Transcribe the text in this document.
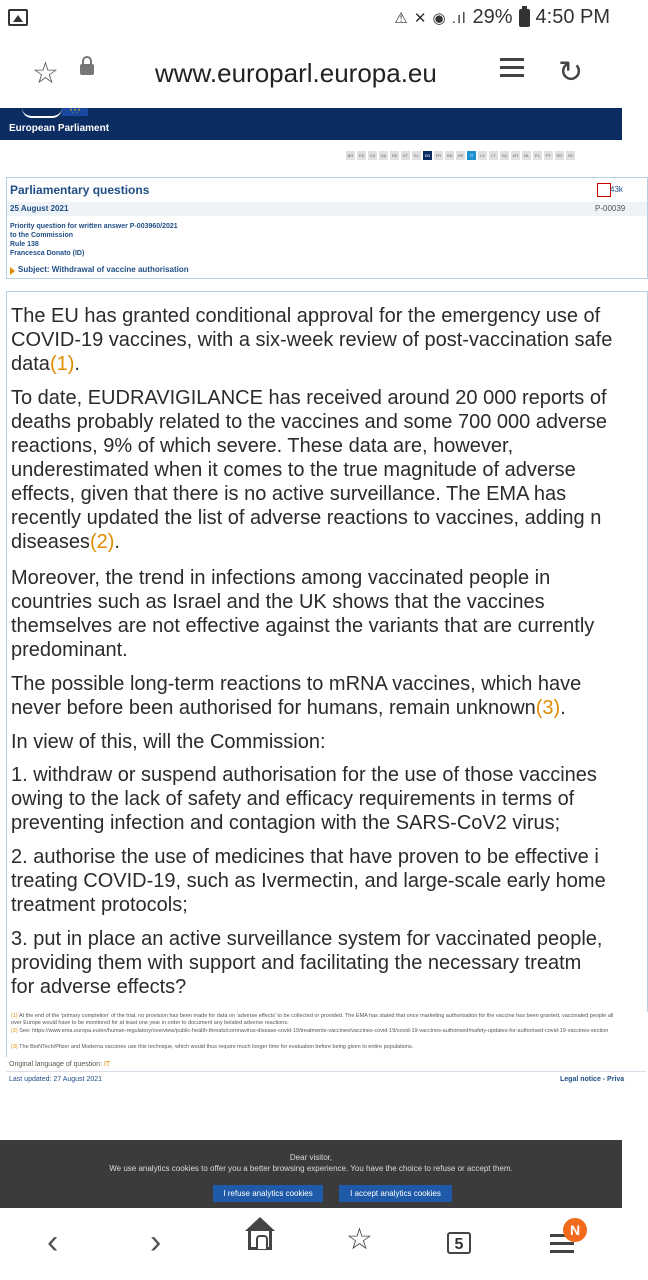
⚠ ✕ ◉ .ıl 29% 4:50 PM
☆	www.europarl.europa.eu	↻
*.*.*
European Parliament
BG	ES	CS	DA	DE	ET	EL	EN	FR	GA	HR	IT	LV	LT	HU	MT	NL	PL	PT	RO	SK
Parliamentary questions	43k
25 August 2021	P-00039
Priority question for written answer P-003960/2021
to the Commission
Rule 138
Francesca Donato (ID)
Subject: Withdrawal of vaccine authorisation
The EU has granted conditional approval for the emergency use of
COVID-19 vaccines, with a six-week review of post-vaccination safe
data(1).
To date, EUDRAVIGILANCE has received around 20 000 reports of
deaths probably related to the vaccines and some 700 000 adverse
reactions, 9% of which severe. These data are, however,
underestimated when it comes to the true magnitude of adverse
effects, given that there is no active surveillance. The EMA has
recently updated the list of adverse reactions to vaccines, adding n
diseases(2).
Moreover, the trend in infections among vaccinated people in
countries such as Israel and the UK shows that the vaccines
themselves are not effective against the variants that are currently
predominant.
The possible long-term reactions to mRNA vaccines, which have
never before been authorised for humans, remain unknown(3).
In view of this, will the Commission:
1. withdraw or suspend authorisation for the use of those vaccines
owing to the lack of safety and efficacy requirements in terms of
preventing infection and contagion with the SARS-CoV2 virus;
2. authorise the use of medicines that have proven to be effective i
treating COVID-19, such as Ivermectin, and large-scale early home
treatment protocols;
3. put in place an active surveillance system for vaccinated people,
providing them with support and facilitating the necessary treatm
for adverse effects?
(1) At the end of the 'primary completion' of the trial, no provision has been made for data on 'adverse effects' to be collected or provided. The EMA has stated that once marketing authorisation for the vaccine has been granted, vaccinated people all over Europe would have to be monitored for at least one year in order to document any belated adverse reactions.
(2) See: https://www.ema.europa.eu/en/human-regulatory/overview/public-health-threats/coronavirus-disease-covid-19/treatments-vaccines/vaccines-covid-19/covid-19-vaccines-authorised#safety-updates-for-authorised-covid-19-vaccines-section
(3) The BioNTech/Pfizer and Moderna vaccines use this technique, which would thus require much longer time for evaluation before being given to entire populations.
Original language of question: IT
Last updated: 27 August 2021	Legal notice - Priva
Dear visitor,
We use analytics cookies to offer you a better browsing experience. You have the choice to refuse or accept them.
I refuse analytics cookies	I accept analytics cookies
‹	›	☆	5
N
